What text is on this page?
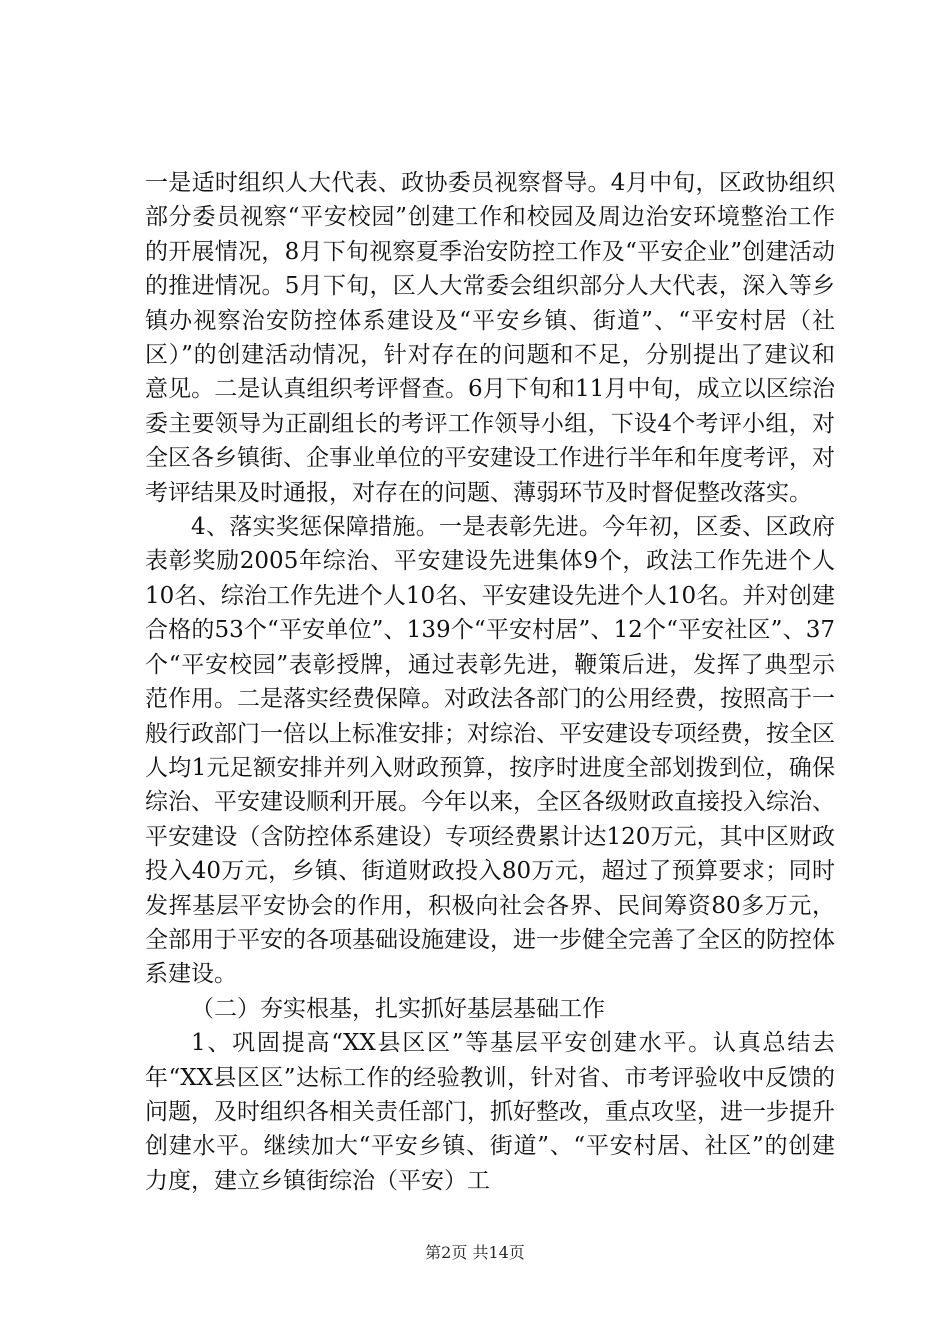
一是适时组织人大代表、政协委员视察督导。4月中旬，区政协组织部分委员视察“平安校园”创建工作和校园及周边治安环境整治工作的开展情况，8月下旬视察夏季治安防控工作及“平安企业”创建活动的推进情况。5月下旬，区人大常委会组织部分人大代表，深入等乡镇办视察治安防控体系建设及“平安乡镇、街道”、“平安村居（社区）”的创建活动情况，针对存在的问题和不足，分别提出了建议和意见。二是认真组织考评督查。6月下旬和11月中旬，成立以区综治委主要领导为正副组长的考评工作领导小组，下设4个考评小组，对全区各乡镇街、企事业单位的平安建设工作进行半年和年度考评，对考评结果及时通报，对存在的问题、薄弱环节及时督促整改落实。

4、落实奖惩保障措施。一是表彰先进。今年初，区委、区政府表彰奖励2005年综治、平安建设先进集体9个，政法工作先进个人10名、综治工作先进个人10名、平安建设先进个人10名。并对创建合格的53个“平安单位”、139个“平安村居”、12个“平安社区”、37个“平安校园”表彰授牌，通过表彰先进，鞭策后进，发挥了典型示范作用。二是落实经费保障。对政法各部门的公用经费，按照高于一般行政部门一倍以上标准安排；对综治、平安建设专项经费，按全区人均1元足额安排并列入财政预算，按序时进度全部划拨到位，确保综治、平安建设顺利开展。今年以来，全区各级财政直接投入综治、平安建设（含防控体系建设）专项经费累计达120万元，其中区财政投入40万元，乡镇、街道财政投入80万元，超过了预算要求；同时发挥基层平安协会的作用，积极向社会各界、民间筹资80多万元，全部用于平安的各项基础设施建设，进一步健全完善了全区的防控体系建设。

（二）夯实根基，扎实抓好基层基础工作

1、巩固提高“XX县区区”等基层平安创建水平。认真总结去年“XX县区区”达标工作的经验教训，针对省、市考评验收中反馈的问题，及时组织各相关责任部门，抓好整改，重点攻坚，进一步提升创建水平。继续加大“平安乡镇、街道”、“平安村居、社区”的创建力度，建立乡镇街综治（平安）工

第2页 共14页
